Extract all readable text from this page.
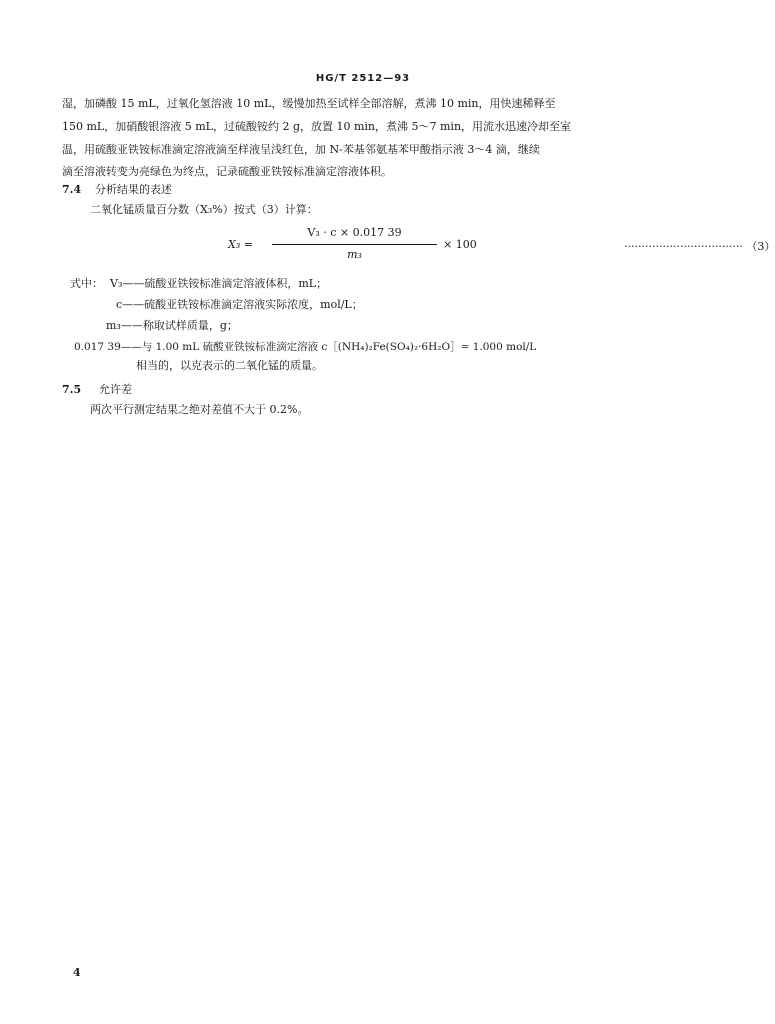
HG/T 2512—93
湿，加磷酸 15 mL，过氧化氢溶液 10 mL，缓慢加热至试样全部溶解，煮沸 10 min，用快速稀释至
150 mL，加硝酸银溶液 5 mL，过硫酸铵约 2 g，放置 10 min，煮沸 5～7 min，用流水迅速冷却至室
温，用硫酸亚铁铵标准滴定溶液滴至样液呈浅红色，加 N-苯基邻氨基苯甲酸指示液 3～4 滴，继续
滴至溶液转变为亮绿色为终点，记录硫酸亚铁铵标准滴定溶液体积。
7.4 分析结果的表述
二氧化锰质量百分数（X₃%）按式（3）计算：
X₃ =
V₃ · c × 0.017 39
m₃
× 100	·································· （3）
式中： V₃——硫酸亚铁铵标准滴定溶液体积，mL；
c——硫酸亚铁铵标准滴定溶液实际浓度，mol/L；
m₃——称取试样质量，g；
0.017 39——与 1.00 mL 硫酸亚铁铵标准滴定溶液 c［(NH₄)₂Fe(SO₄)₂·6H₂O］= 1.000 mol/L
相当的，以克表示的二氧化锰的质量。
7.5 允许差
两次平行测定结果之绝对差值不大于 0.2%。
4
